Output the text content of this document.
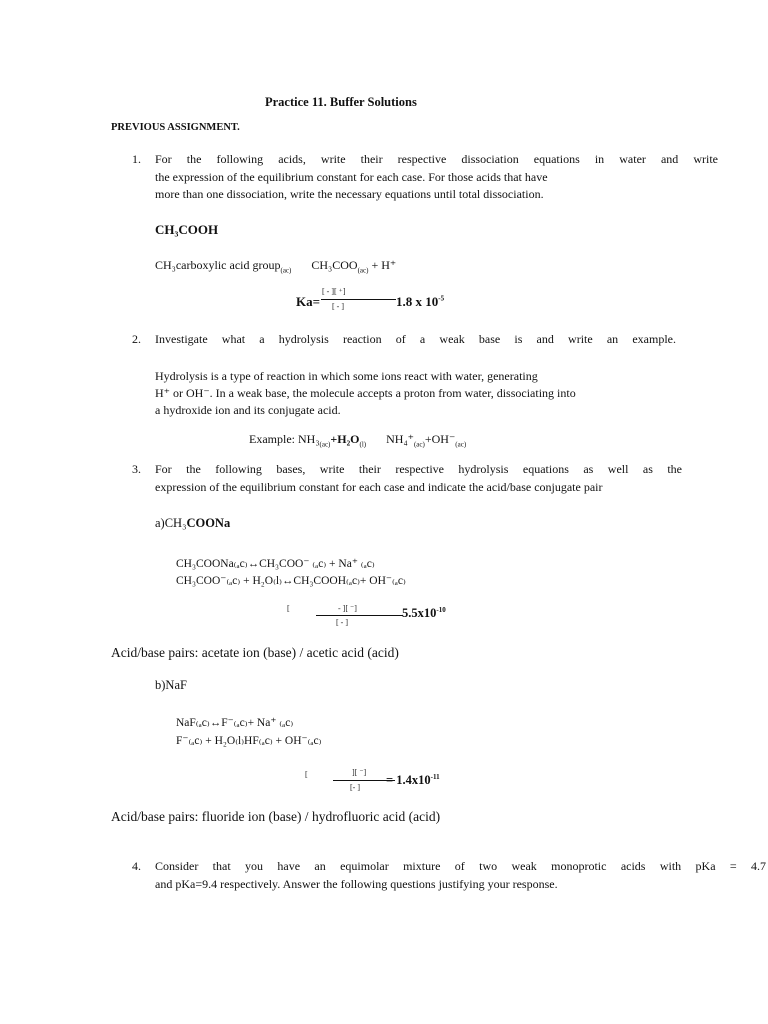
Practice 11. Buffer Solutions
PREVIOUS ASSIGNMENT.
1. For the following acids, write their respective dissociation equations in water and write
the expression of the equilibrium constant for each case. For those acids that have
more than one dissociation, write the necessary equations until total dissociation.
CH₃COOH
CH₃carboxylic acid group$_{(ac)}$ $CH_3COO_{(ac)} + H^+$
Ka=
[ ‑ ][ ⁺]
[ ‑ ]	1.8 x $10^{-5}$
2. Investigate what a hydrolysis reaction of a weak base is and write an example.
Hydrolysis is a type of reaction in which some ions react with water, generating
H⁺ or OH⁻. In a weak base, the molecule accepts a proton from water, dissociating into
a hydroxide ion and its conjugate acid.
Example: $NH_3_{(ac)}+H_2O_{(l)}$ $NH_4^+_{(ac)}+OH^-_{(ac)}$
3. For the following bases, write their respective hydrolysis equations as well as the
expression of the equilibrium constant for each case and indicate the acid/base conjugate pair
a)CH₃COONa
CH₃COONa₍ₐc₎↔CH₃COO⁻ ₍ₐc₎ + Na⁺ ₍ₐc₎
CH₃COO⁻₍ₐc₎ + H₂O₍l₎↔CH₃COOH₍ₐc₎+ OH⁻₍ₐc₎
[	‑ ][ ⁻]
[ ‑ ]
$5.5x10^{-10}$
Acid/base pairs: acetate ion (base) / acetic acid (acid)
b)NaF
NaF₍ₐc₎↔F⁻₍ₐc₎+ Na⁺ ₍ₐc₎
F⁻₍ₐc₎ + H₂O₍l₎HF₍ₐc₎ + OH⁻₍ₐc₎
[	][ ⁻]
[‑ ]
= $1.4x10^{-11}$
Acid/base pairs: fluoride ion (base) / hydrofluoric acid (acid)
4. Consider that you have an equimolar mixture of two weak monoprotic acids with pKa = 4.7
and pKa=9.4 respectively. Answer the following questions justifying your response.
